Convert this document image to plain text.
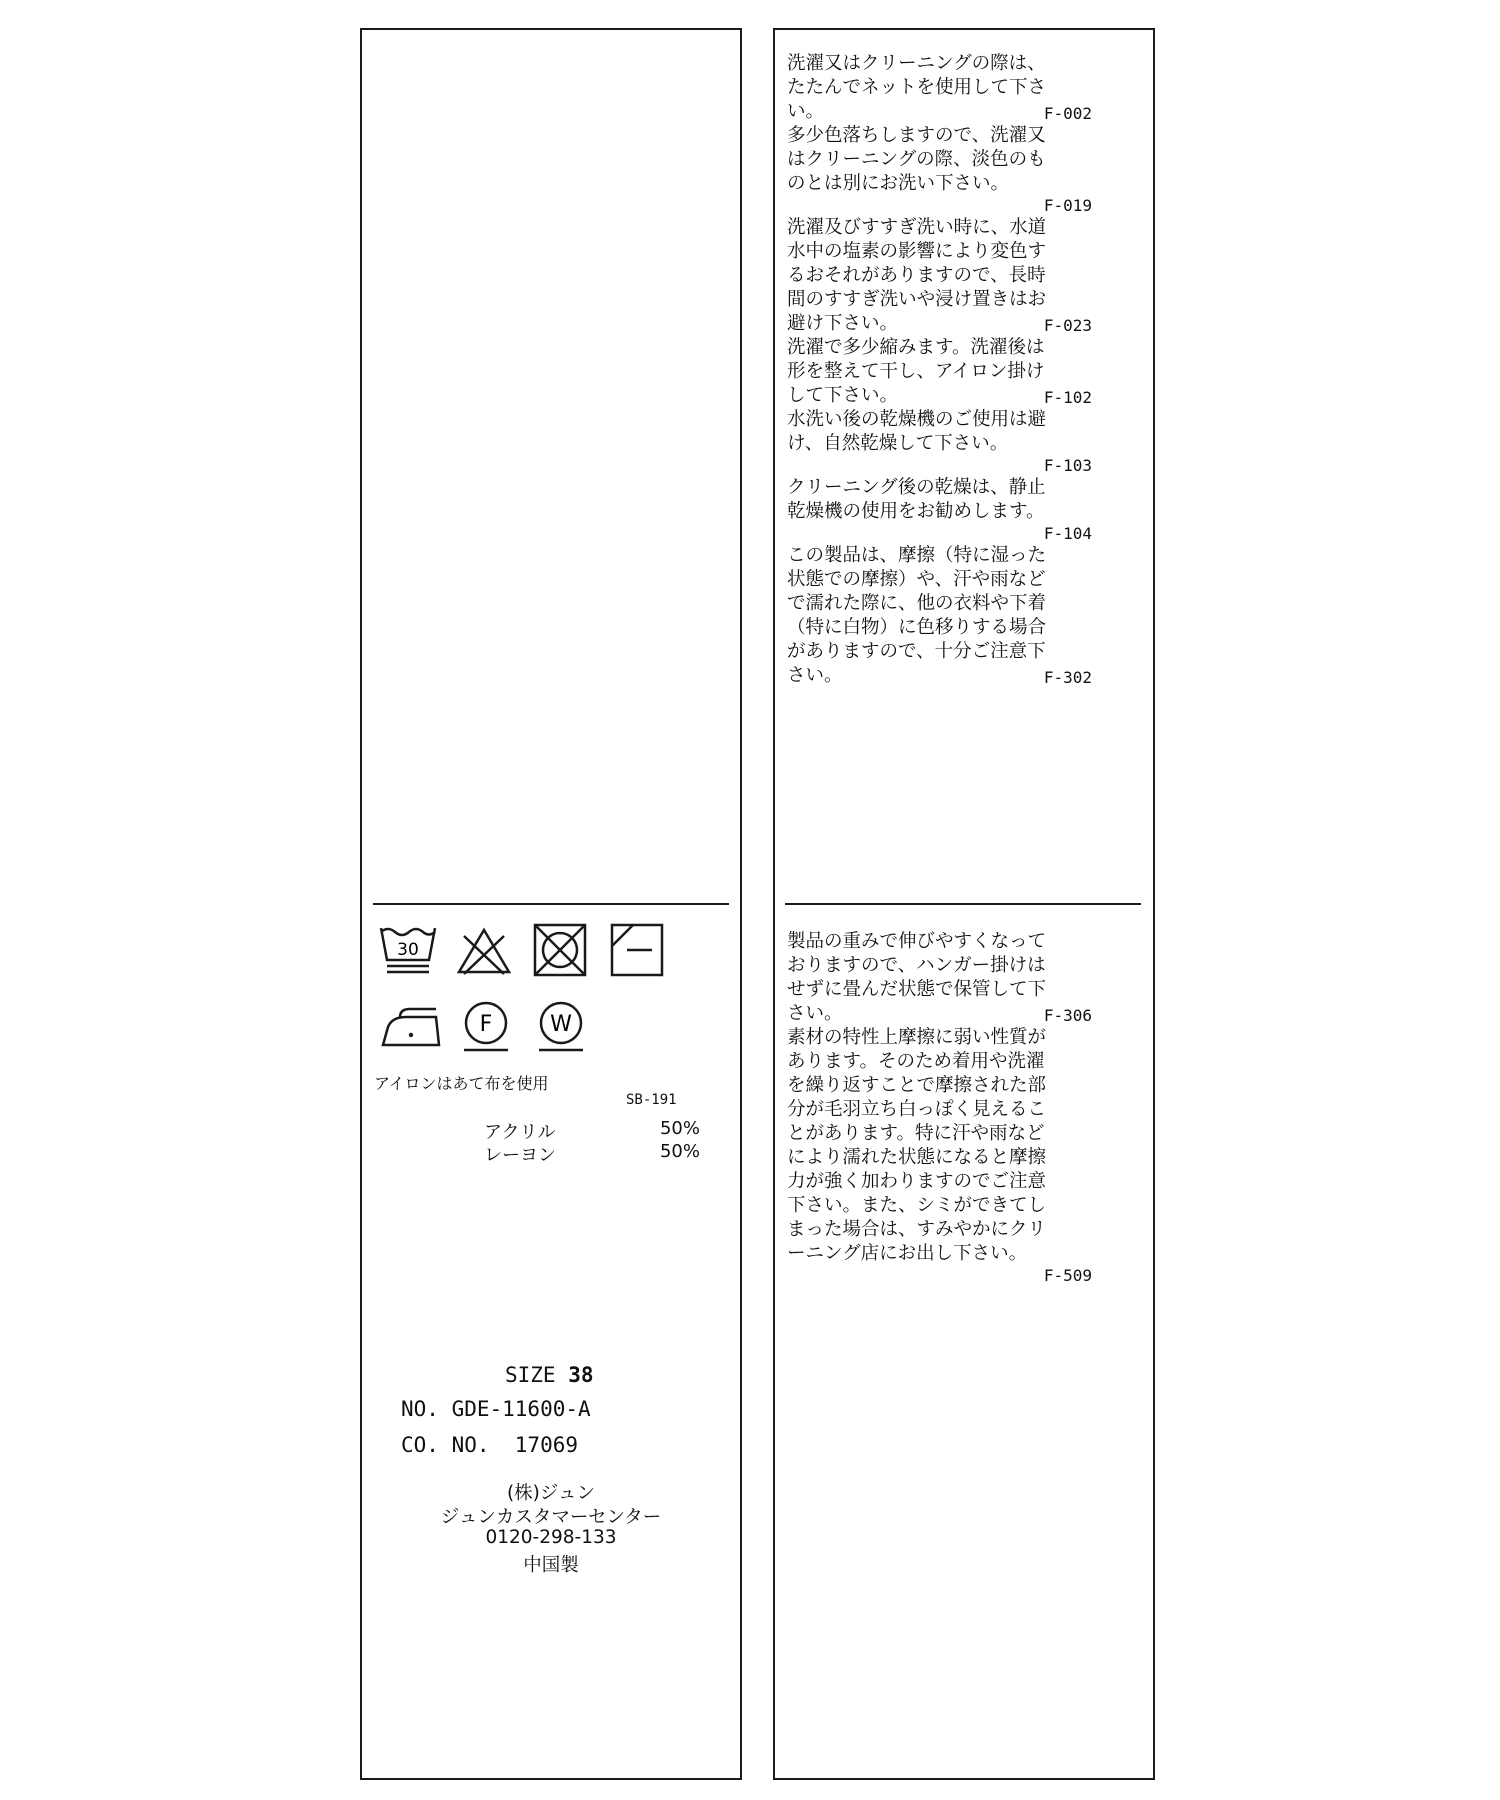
洗濯又はクリーニングの際は、
たたんでネットを使用して下さ
い。	F-002
多少色落ちしますので、洗濯又
はクリーニングの際、淡色のも
のとは別にお洗い下さい。
F-019
洗濯及びすすぎ洗い時に、水道
水中の塩素の影響により変色す
るおそれがありますので、長時
間のすすぎ洗いや浸け置きはお
避け下さい。	F-023
洗濯で多少縮みます。洗濯後は
形を整えて干し、アイロン掛け
して下さい。	F-102
水洗い後の乾燥機のご使用は避
け、自然乾燥して下さい。
F-103
クリーニング後の乾燥は、静止
乾燥機の使用をお勧めします。
F-104
この製品は、摩擦（特に湿った
状態での摩擦）や、汗や雨など
で濡れた際に、他の衣料や下着
（特に白物）に色移りする場合
がありますので、十分ご注意下
さい。	F-302
製品の重みで伸びやすくなって
おりますので、ハンガー掛けは
せずに畳んだ状態で保管して下
さい。	F-306
素材の特性上摩擦に弱い性質が
あります。そのため着用や洗濯
を繰り返すことで摩擦された部
分が毛羽立ち白っぽく見えるこ
とがあります。特に汗や雨など
により濡れた状態になると摩擦
力が強く加わりますのでご注意
下さい。また、シミができてし
まった場合は、すみやかにクリ
ーニング店にお出し下さい。
F-509
30
F	W
アイロンはあて布を使用
SB-191
アクリル	50%
レーヨン	50%
SIZE 38
NO. GDE-11600-A
CO. NO.  17069
(株)ジュン
ジュンカスタマーセンター
0120-298-133
中国製
